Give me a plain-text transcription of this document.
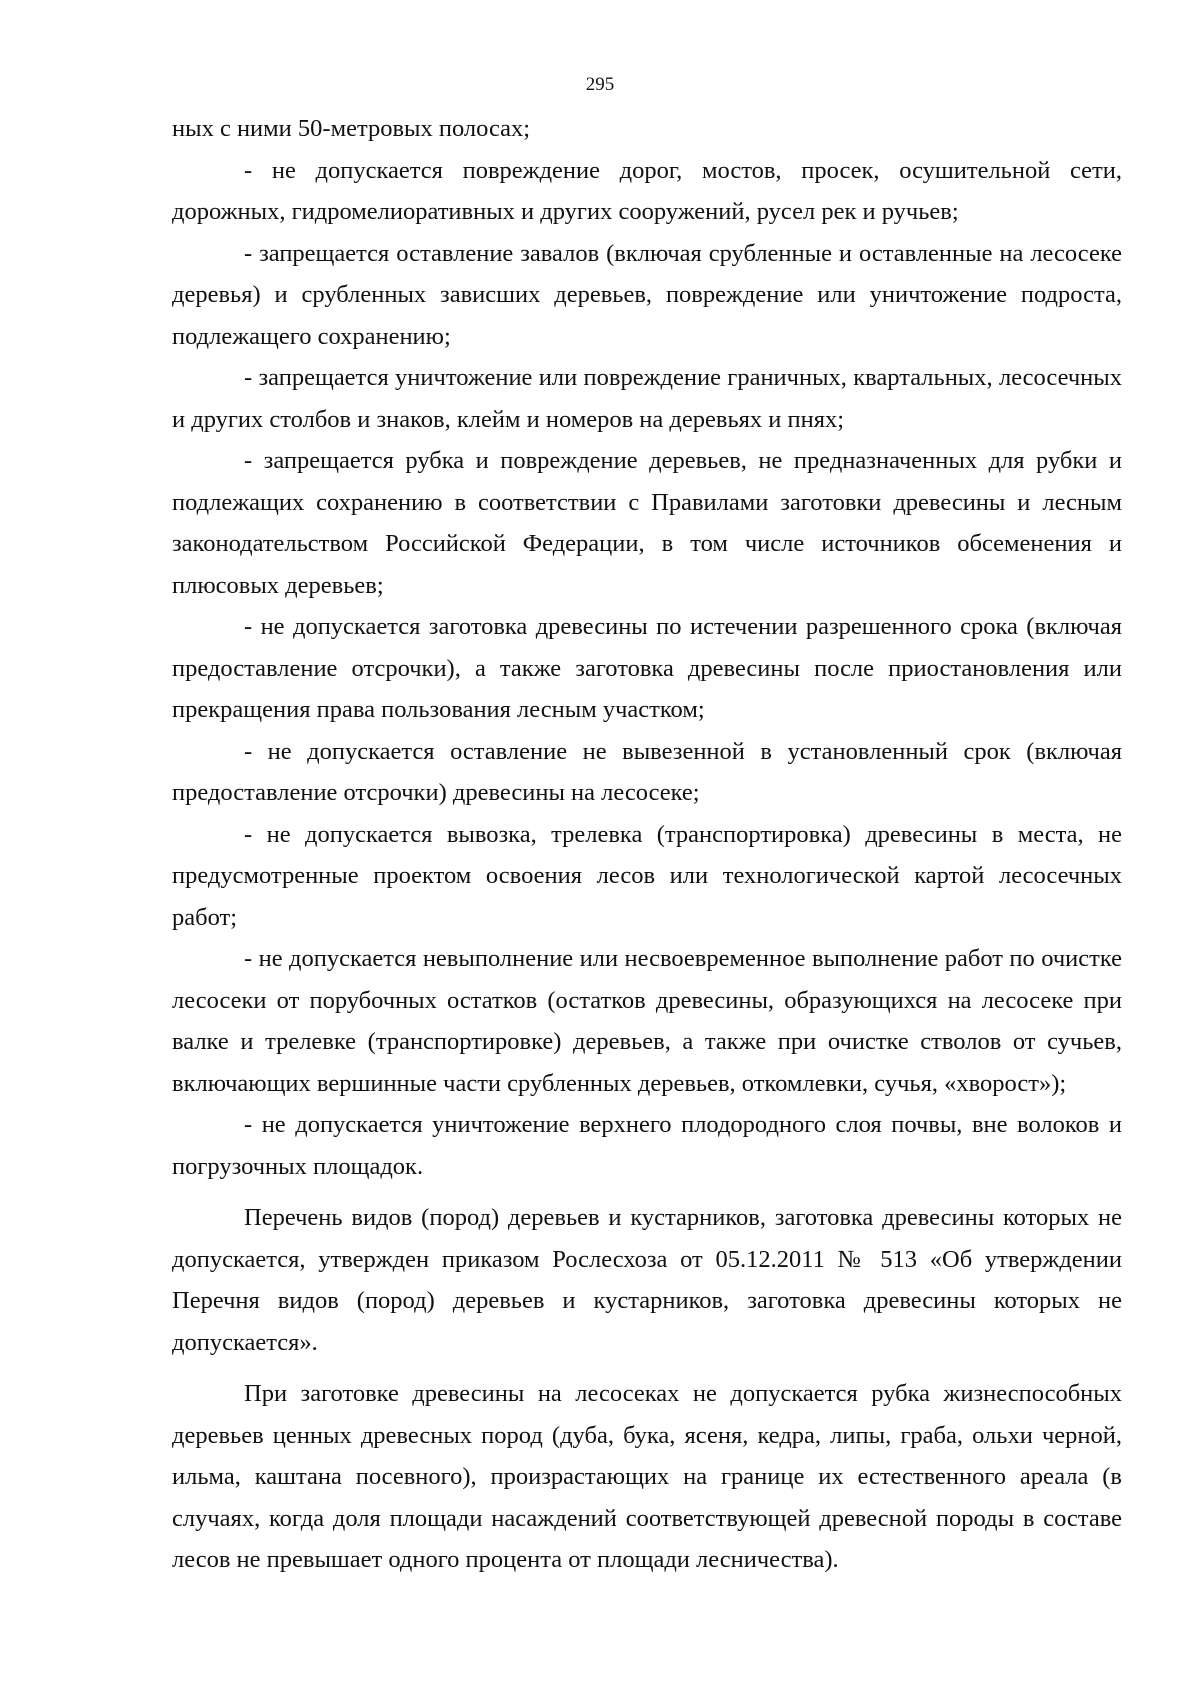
295

ных с ними 50-метровых полосах;

- не допускается повреждение дорог, мостов, просек, осушительной сети, дорожных, гидромелиоративных и других сооружений, русел рек и ручьев;

- запрещается оставление завалов (включая срубленные и оставленные на лесосеке деревья) и срубленных зависших деревьев, повреждение или уничтожение подроста, подлежащего сохранению;

- запрещается уничтожение или повреждение граничных, квартальных, лесосечных и других столбов и знаков, клейм и номеров на деревьях и пнях;

- запрещается рубка и повреждение деревьев, не предназначенных для рубки и подлежащих сохранению в соответствии с Правилами заготовки древесины и лесным законодательством Российской Федерации, в том числе источников обсеменения и плюсовых деревьев;

- не допускается заготовка древесины по истечении разрешенного срока (включая предоставление отсрочки), а также заготовка древесины после приостановления или прекращения права пользования лесным участком;

- не допускается оставление не вывезенной в установленный срок (включая предоставление отсрочки) древесины на лесосеке;

- не допускается вывозка, трелевка (транспортировка) древесины в места, не предусмотренные проектом освоения лесов или технологической картой лесосечных работ;

- не допускается невыполнение или несвоевременное выполнение работ по очистке лесосеки от порубочных остатков (остатков древесины, образующихся на лесосеке при валке и трелевке (транспортировке) деревьев, а также при очистке стволов от сучьев, включающих вершинные части срубленных деревьев, откомлевки, сучья, «хворост»);

- не допускается уничтожение верхнего плодородного слоя почвы, вне волоков и погрузочных площадок.

Перечень видов (пород) деревьев и кустарников, заготовка древесины которых не допускается, утвержден приказом Рослесхоза от 05.12.2011 № 513 «Об утверждении Перечня видов (пород) деревьев и кустарников, заготовка древесины которых не допускается».

При заготовке древесины на лесосеках не допускается рубка жизнеспособных деревьев ценных древесных пород (дуба, бука, ясеня, кедра, липы, граба, ольхи черной, ильма, каштана посевного), произрастающих на границе их естественного ареала (в случаях, когда доля площади насаждений соответствующей древесной породы в составе лесов не превышает одного процента от площади лесничества).
